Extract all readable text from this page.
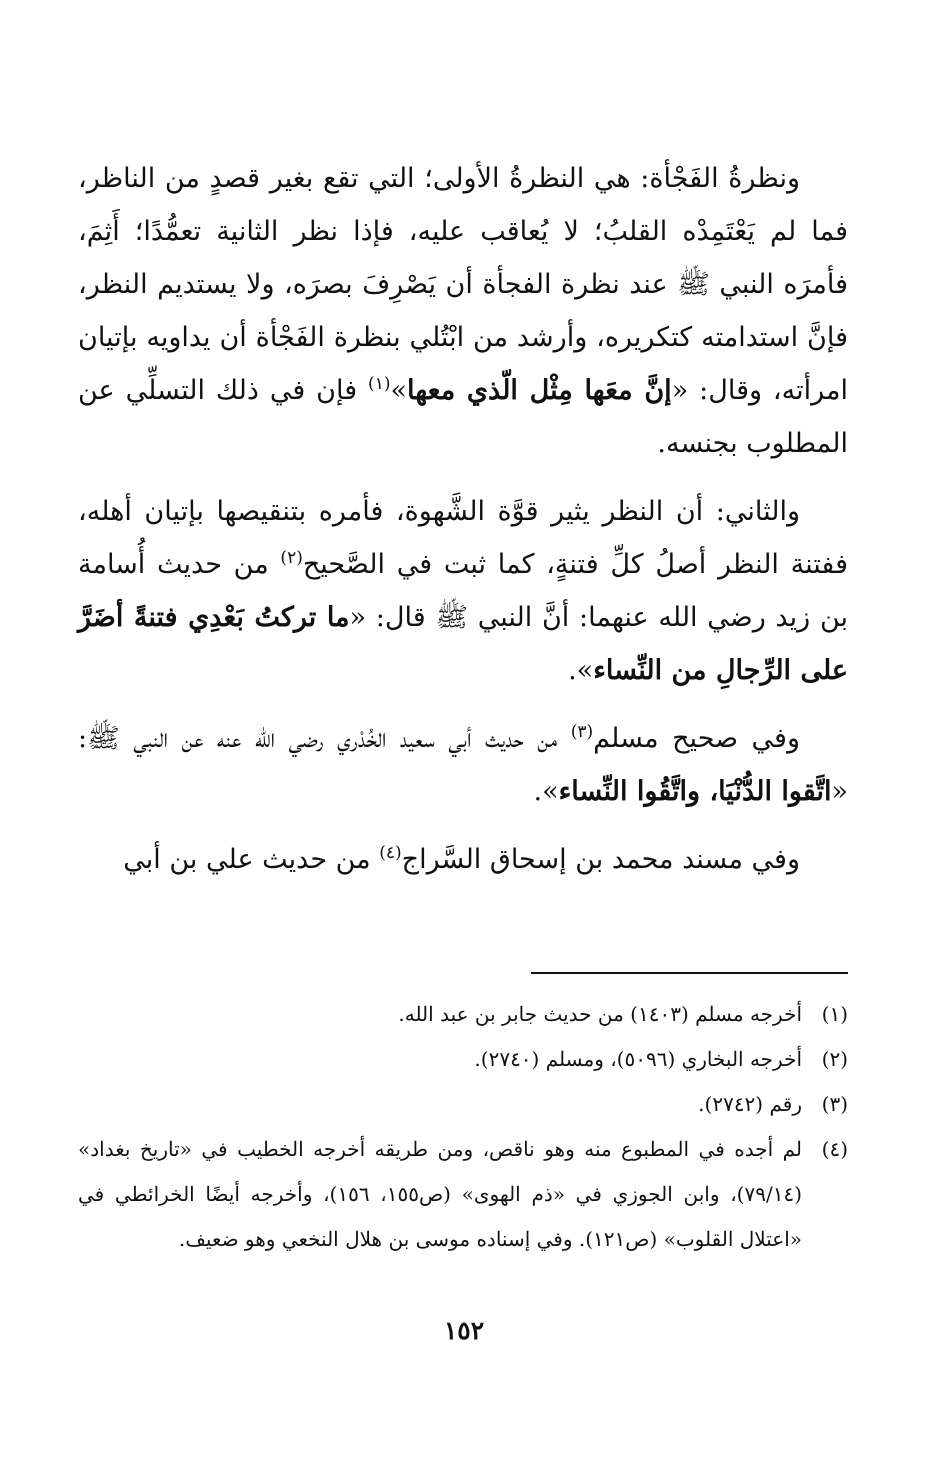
ونظرةُ الفَجْأة: هي النظرةُ الأولى؛ التي تقع بغير قصدٍ من الناظر، فما لم يَعْتَمِدْه القلبُ؛ لا يُعاقب عليه، فإذا نظر الثانية تعمُّدًا؛ أَثِمَ، فأمرَه النبي ﷺ عند نظرة الفجأة أن يَصْرِفَ بصرَه، ولا يستديم النظر، فإنَّ استدامته كتكريره، وأرشد من ابْتُلي بنظرة الفَجْأة أن يداويه بإتيان امرأته، وقال: «إنَّ معَها مِثْل الّذي معها»$^{(١)}$ فإن في ذلك التسلِّي عن المطلوب بجنسه.

والثاني: أن النظر يثير قوَّة الشَّهوة، فأمره بتنقيصها بإتيان أهله، ففتنة النظر أصلُ كلِّ فتنةٍ، كما ثبت في الصَّحيح$^{(٢)}$ من حديث أُسامة بن زيد رضي الله عنهما: أنَّ النبي ﷺ قال: «ما تركتُ بَعْدِي فتنةً أضَرَّ على الرِّجالِ من النِّساء».

وفي صحيح مسلم$^{(٣)}$ من حديث أبي سعيد الخُدْري رضي الله عنه عن النبي ﷺ: «اتَّقوا الدُّنْيَا، واتَّقُوا النِّساء».

وفي مسند محمد بن إسحاق السَّراج$^{(٤)}$ من حديث علي بن أبي

(١)
أخرجه مسلم (١٤٠٣) من حديث جابر بن عبد الله.
(٢)
أخرجه البخاري (٥٠٩٦)، ومسلم (٢٧٤٠).
(٣)
رقم (٢٧٤٢).
(٤)
لم أجده في المطبوع منه وهو ناقص، ومن طريقه أخرجه الخطيب في «تاريخ بغداد» (٧٩/١٤)، وابن الجوزي في «ذم الهوى» (ص١٥٥، ١٥٦)، وأخرجه أيضًا الخرائطي في «اعتلال القلوب» (ص١٢١). وفي إسناده موسى بن هلال النخعي وهو ضعيف.
١٥٢
